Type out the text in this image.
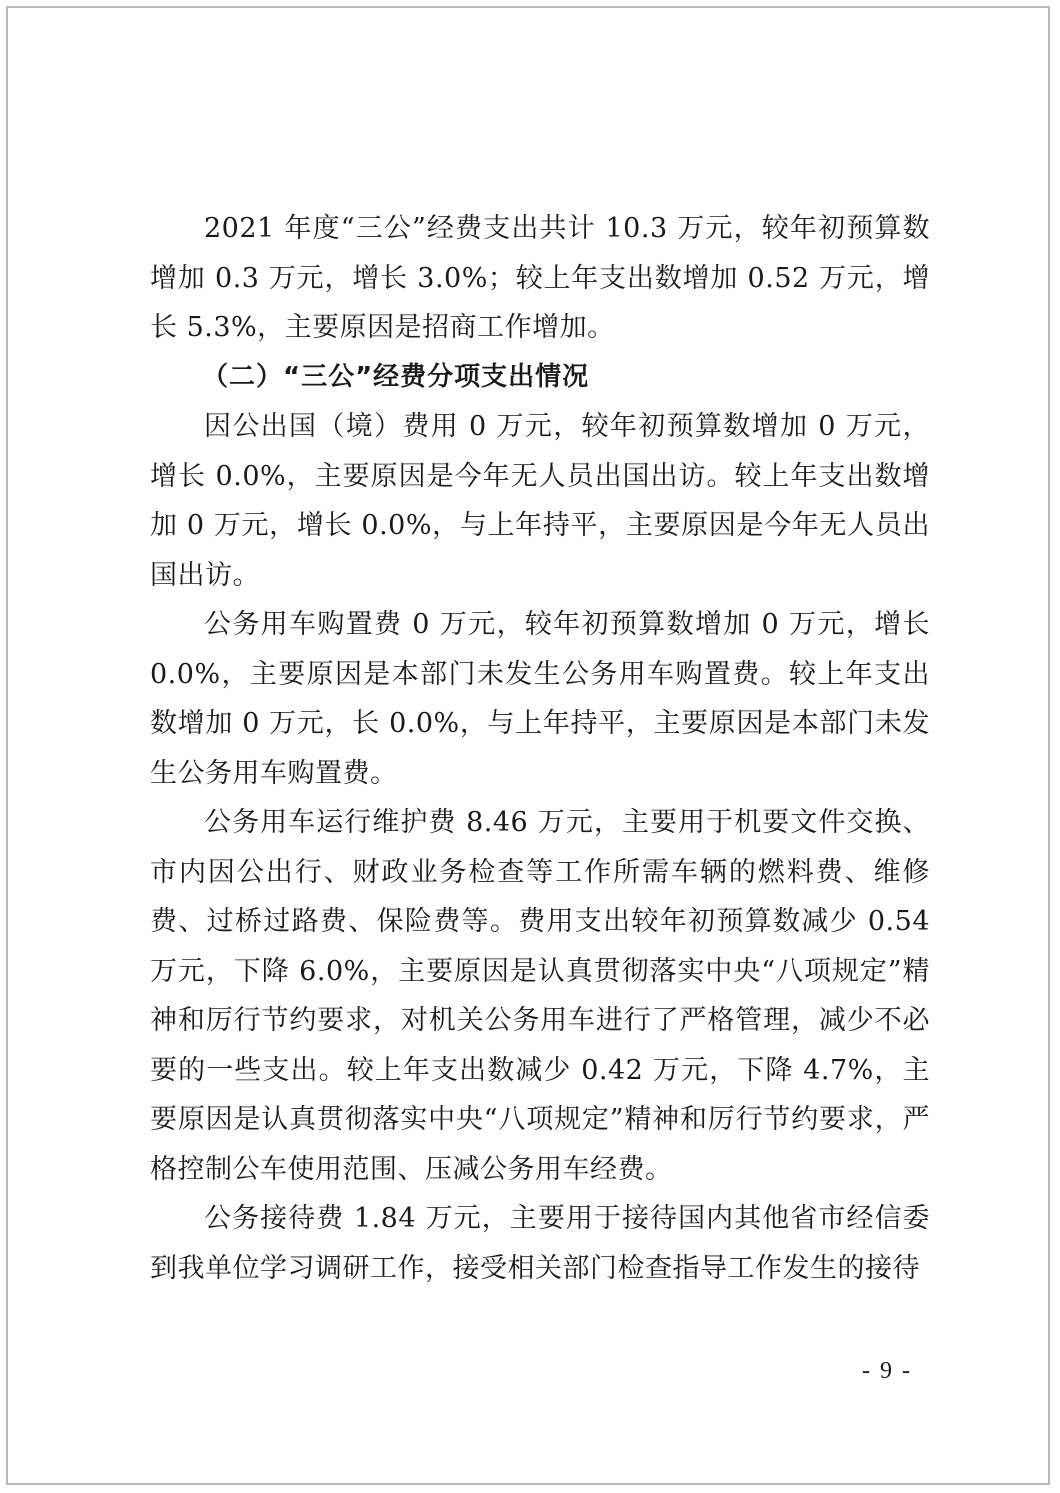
2021 年度“三公”经费支出共计 10.3 万元，较年初预算数增加 0.3 万元，增长 3.0%；较上年支出数增加 0.52 万元，增长 5.3%，主要原因是招商工作增加。

（二）“三公”经费分项支出情况

因公出国（境）费用 0 万元，较年初预算数增加 0 万元，增长 0.0%，主要原因是今年无人员出国出访。较上年支出数增加 0 万元，增长 0.0%，与上年持平，主要原因是今年无人员出国出访。

公务用车购置费 0 万元，较年初预算数增加 0 万元，增长 0.0%，主要原因是本部门未发生公务用车购置费。较上年支出数增加 0 万元，长 0.0%，与上年持平，主要原因是本部门未发生公务用车购置费。

公务用车运行维护费 8.46 万元，主要用于机要文件交换、市内因公出行、财政业务检查等工作所需车辆的燃料费、维修费、过桥过路费、保险费等。费用支出较年初预算数减少 0.54 万元，下降 6.0%，主要原因是认真贯彻落实中央“八项规定”精神和厉行节约要求，对机关公务用车进行了严格管理，减少不必要的一些支出。较上年支出数减少 0.42 万元，下降 4.7%，主要原因是认真贯彻落实中央“八项规定”精神和厉行节约要求，严格控制公车使用范围、压减公务用车经费。

公务接待费 1.84 万元，主要用于接待国内其他省市经信委到我单位学习调研工作，接受相关部门检查指导工作发生的接待

- 9 -
